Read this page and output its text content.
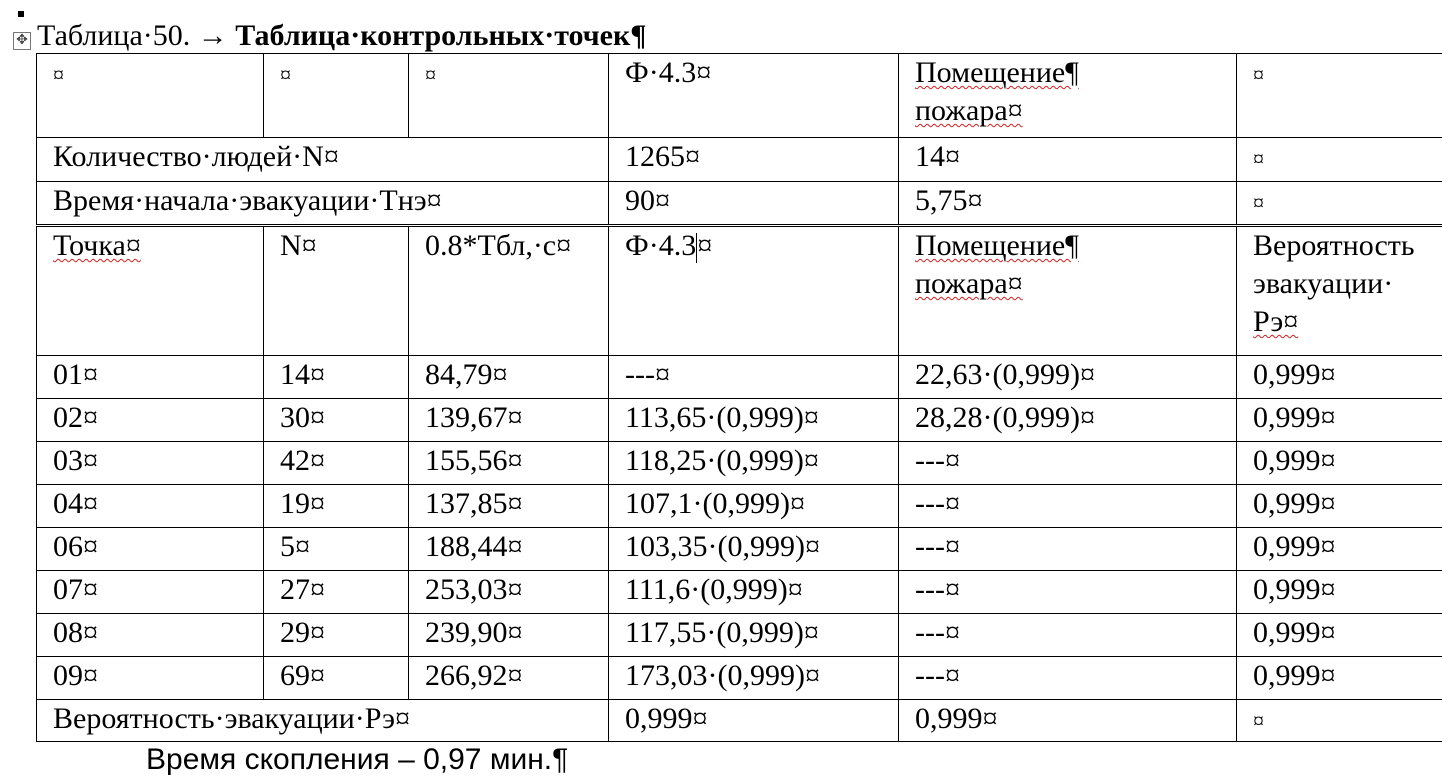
✥ Таблица·50. → Таблица·контрольных·точек¶
¤	¤	¤	Ф·4.3¤	Помещение¶
пожара¤	¤
Количество·людей·N¤			1265¤	14¤	¤
Время·начала·эвакуации·Тнэ¤			90¤	5,75¤	¤
Точка¤	N¤	0.8*Тбл,·с¤	Ф·4.3¤	Помещение¶
пожара¤	Вероятность
эвакуации·
Рэ¤
01¤	14¤	84,79¤	---¤	22,63·(0,999)¤	0,999¤
02¤	30¤	139,67¤	113,65·(0,999)¤	28,28·(0,999)¤	0,999¤
03¤	42¤	155,56¤	118,25·(0,999)¤	---¤	0,999¤
04¤	19¤	137,85¤	107,1·(0,999)¤	---¤	0,999¤
06¤	5¤	188,44¤	103,35·(0,999)¤	---¤	0,999¤
07¤	27¤	253,03¤	111,6·(0,999)¤	---¤	0,999¤
08¤	29¤	239,90¤	117,55·(0,999)¤	---¤	0,999¤
09¤	69¤	266,92¤	173,03·(0,999)¤	---¤	0,999¤
Вероятность·эвакуации·Рэ¤			0,999¤	0,999¤	¤
Время скопления – 0,97 мин.¶
